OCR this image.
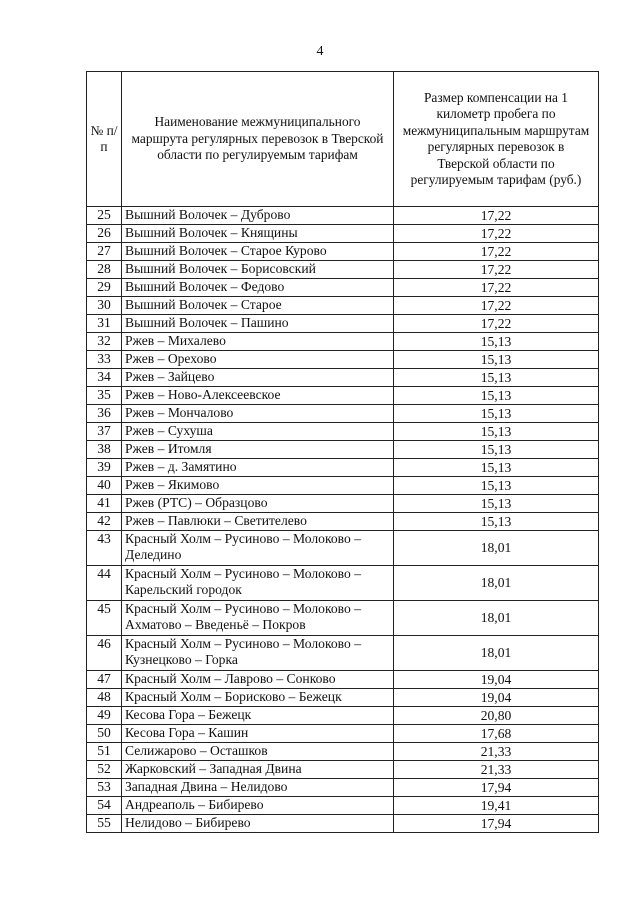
4
№ п/п	Наименование межмуниципального маршрута регулярных перевозок в Тверской области по регулируемым тарифам	Размер компенсации на 1 километр пробега по межмуниципальным маршрутам регулярных перевозок в Тверской области по регулируемым тарифам (руб.)
25	Вышний Волочек – Дуброво	17,22
26	Вышний Волочек – Княщины	17,22
27	Вышний Волочек – Старое Курово	17,22
28	Вышний Волочек – Борисовский	17,22
29	Вышний Волочек – Федово	17,22
30	Вышний Волочек – Старое	17,22
31	Вышний Волочек – Пашино	17,22
32	Ржев – Михалево	15,13
33	Ржев – Орехово	15,13
34	Ржев – Зайцево	15,13
35	Ржев – Ново-Алексеевское	15,13
36	Ржев – Мончалово	15,13
37	Ржев – Сухуша	15,13
38	Ржев – Итомля	15,13
39	Ржев – д. Замятино	15,13
40	Ржев – Якимово	15,13
41	Ржев (РТС) – Образцово	15,13
42	Ржев – Павлюки – Светителево	15,13
43	Красный Холм – Русиново – Молоково – Деледино	18,01
44	Красный Холм – Русиново – Молоково – Карельский городок	18,01
45	Красный Холм – Русиново – Молоково – Ахматово – Введеньё – Покров	18,01
46	Красный Холм – Русиново – Молоково – Кузнецково – Горка	18,01
47	Красный Холм – Лаврово – Сонково	19,04
48	Красный Холм – Борисково – Бежецк	19,04
49	Кесова Гора – Бежецк	20,80
50	Кесова Гора – Кашин	17,68
51	Селижарово – Осташков	21,33
52	Жарковский – Западная Двина	21,33
53	Западная Двина – Нелидово	17,94
54	Андреаполь – Бибирево	19,41
55	Нелидово – Бибирево	17,94
